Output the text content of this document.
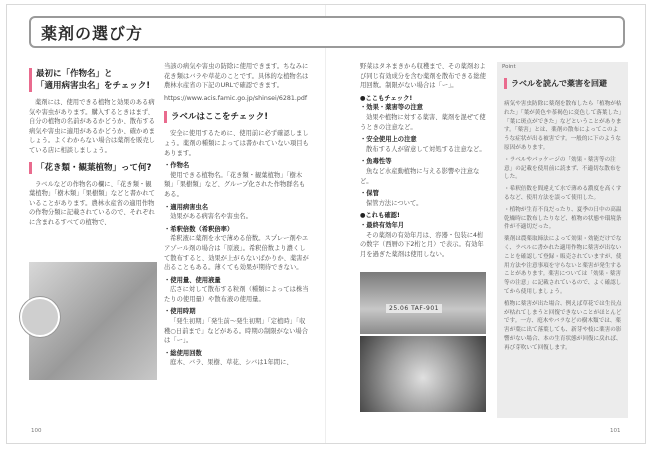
薬剤の選び方
最初に「作物名」と
「適用病害虫名」をチェック!

薬剤には、使用できる植物と効果のある病気や害虫があります。購入するときはまず、自分の植物の名前があるかどうか、散布する病気や害虫に適用があるかどうか、確かめましょう。よくわからない場合は薬剤を販売している店に相談しましょう。

「花き類・観葉植物」って何?

ラベルなどの作物名の欄に、「花き類・観葉植物」「樹木類」「果樹類」などと書かれていることがあります。農林水産省の適用作物の作物分類に記載されているので、それぞれに含まれるすべての植物で、

当該の病気や害虫の防除に使用できます。ちなみに花き類はバラや草花のことです。具体的な植物名は農林水産省の下記のURLで確認できます。

https://www.acis.famic.go.jp/shinsei/6281.pdf

ラベルはここをチェック!

安全に使用するために、使用前に必ず確認しましょう。薬剤の種類によっては書かれていない項目もあります。

・作物名

使用できる植物名。「花き類・観葉植物」「樹木類」「果樹類」など、グループ化された作物群名もある。

・適用病害虫名

効果がある病害名や害虫名。

・希釈倍数（希釈倍率）

希釈液に薬剤を水で薄める倍数。スプレー剤やエアゾール剤の場合は「原液」。希釈倍数より濃くして散布すると、効果が上がらないばかりか、薬害が出ることもある。薄くても効果が期待できない。

・使用量、使用液量

広さに対して散布する粒剤（種類によっては株当たりの使用量）や散布液の使用量。

・使用時期

「発生初期」「発生前〜発生初期」「定植時」「収穫○日前まで」などがある。時期の制限がない場合は「ー」。

・総使用回数

庭木、バラ、果樹、草花、シバは1年間に、

野菜はタネまきから収穫まで、その薬剤および同じ有効成分を含む薬剤を散布できる総使用回数。制限がない場合は「ー」。

●ここもチェック!
・効果・薬害等の注意

効果や植物に対する薬害、薬剤を混ぜて使うときの注意など。

・安全使用上の注意

散布する人が留意して対処する注意など。

・魚毒性等

魚など水産動植物に与える影響や注意など。

・保管

保管方法について。

●これも確認!
・最終有効年月

その薬剤の有効年月は、容器・包装に4桁の数字（西暦の下2桁と月）で表示。有効年月を過ぎた薬剤は使用しない。

25.06 TAF-901
Point
ラベルを読んで薬害を回避

病気や害虫防除に薬剤を散布したら「植物が枯れた」「葉が黄色や茶褐色に変色して落葉した」「葉に斑点ができた」などということがあります。「薬害」とは、薬剤の散布によってこのような症状が出る被害です。一般的に下のような原因があります。

・ラベルやパッケージの「効果・薬害等の注意」の記載を使用前に読まず、不適切な散布をした。

・希釈倍数を間違えて水で薄める濃度を高くするなど、使用方法を誤って使用した。

・植物が生育不良だったり、夏季の日中の高温乾燥時に散布したりなど、植物の状態や環境条件が不適切だった。

薬剤は農薬取締法によって効果・効能だけでなく、ラベルに書かれた適用作物に薬害が出ないことを確認して登録・販売されていますが、使用方法や注意事項を守らないと薬害が発生することがあります。薬害については「効果・薬害等の注意」に記載されているので、よく確認してから使用しましょう。

植物に薬害が出た場合、例えば草花では生長点が枯れてしまうと回復できないことがほとんどです。一方、庭木やバラなどの樹木類では、薬害が葉に出て落葉しても、新芽や枝に薬害の影響がない場合、本の生育状態が回復に戻れば、再び芽吹いて回復します。

100	101
